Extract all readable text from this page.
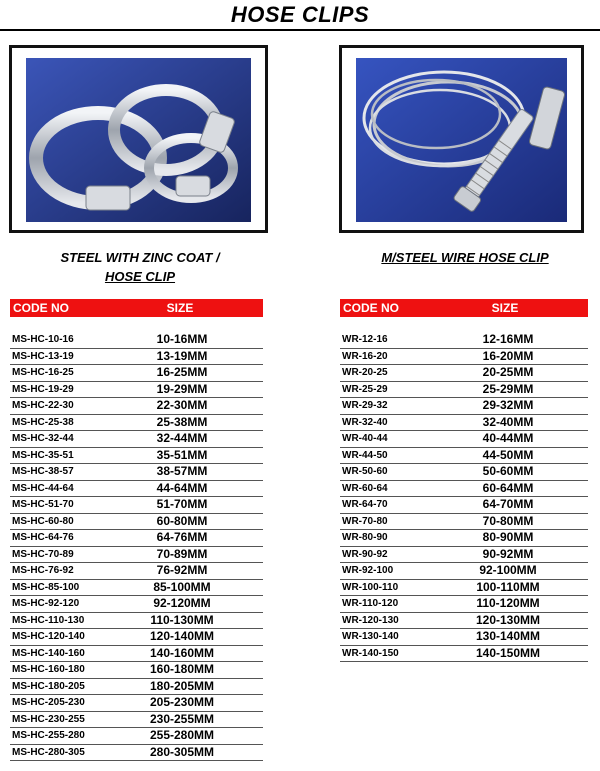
HOSE CLIPS
STEEL WITH ZINC COAT /
HOSE CLIP
M/STEEL WIRE HOSE CLIP
CODE NO	SIZE
MS-HC-10-16	10-16MM
MS-HC-13-19	13-19MM
MS-HC-16-25	16-25MM
MS-HC-19-29	19-29MM
MS-HC-22-30	22-30MM
MS-HC-25-38	25-38MM
MS-HC-32-44	32-44MM
MS-HC-35-51	35-51MM
MS-HC-38-57	38-57MM
MS-HC-44-64	44-64MM
MS-HC-51-70	51-70MM
MS-HC-60-80	60-80MM
MS-HC-64-76	64-76MM
MS-HC-70-89	70-89MM
MS-HC-76-92	76-92MM
MS-HC-85-100	85-100MM
MS-HC-92-120	92-120MM
MS-HC-110-130	110-130MM
MS-HC-120-140	120-140MM
MS-HC-140-160	140-160MM
MS-HC-160-180	160-180MM
MS-HC-180-205	180-205MM
MS-HC-205-230	205-230MM
MS-HC-230-255	230-255MM
MS-HC-255-280	255-280MM
MS-HC-280-305	280-305MM
CODE NO	SIZE
WR-12-16	12-16MM
WR-16-20	16-20MM
WR-20-25	20-25MM
WR-25-29	25-29MM
WR-29-32	29-32MM
WR-32-40	32-40MM
WR-40-44	40-44MM
WR-44-50	44-50MM
WR-50-60	50-60MM
WR-60-64	60-64MM
WR-64-70	64-70MM
WR-70-80	70-80MM
WR-80-90	80-90MM
WR-90-92	90-92MM
WR-92-100	92-100MM
WR-100-110	100-110MM
WR-110-120	110-120MM
WR-120-130	120-130MM
WR-130-140	130-140MM
WR-140-150	140-150MM
